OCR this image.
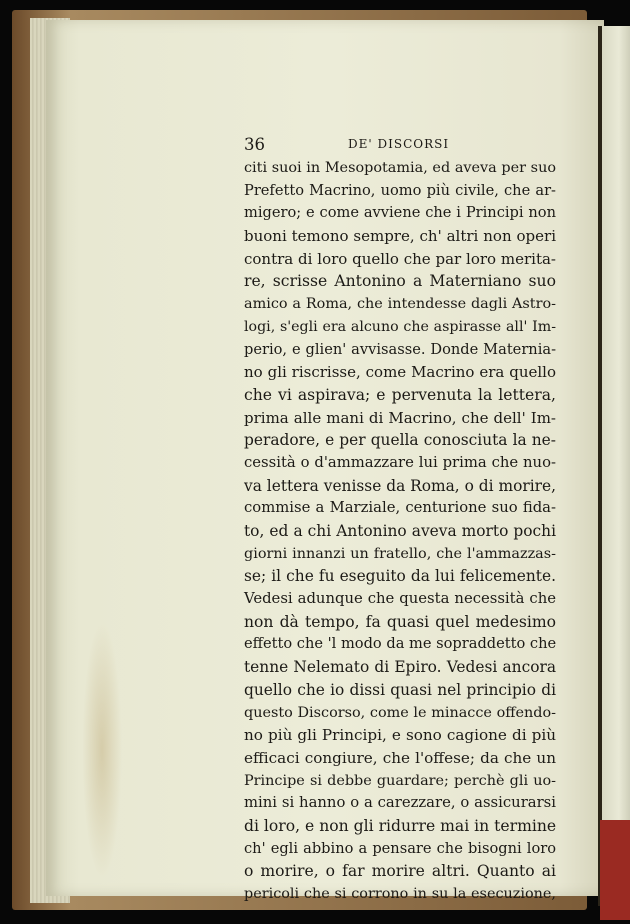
36	DE' DISCORSI
citi suoi in Mesopotamia, ed aveva per suo
Prefetto Macrino, uomo più civile, che ar-
migero; e come avviene che i Principi non
buoni temono sempre, ch' altri non operi
contra di loro quello che par loro merita-
re, scrisse Antonino a Materniano suo
amico a Roma, che intendesse dagli Astro-
logi, s'egli era alcuno che aspirasse all' Im-
perio, e glien' avvisasse. Donde Materniа-
no gli riscrisse, come Macrino era quello
che vi aspirava; e pervenuta la lettera,
prima alle mani di Macrino, che dell' Im-
peradore, e per quella conosciuta la ne-
cessità o d'ammazzare lui prima che nuo-
va lettera venisse da Roma, o di morire,
commise a Marziale, centurione suo fida-
to, ed a chi Antonino aveva morto pochi
giorni innanzi un fratello, che l'ammazzas-
se; il che fu eseguito da lui felicemente.
Vedesi adunque che questa necessità che
non dà tempo, fa quasi quel medesimo
effetto che 'l modo da me sopraddetto che
tenne Nelemato di Epiro. Vedesi ancora
quello che io dissi quasi nel principio di
questo Discorso, come le minacce offendo-
no più gli Principi, e sono cagione di più
efficaci congiure, che l'offese; da che un
Principe si debbe guardare; perchè gli uo-
mini si hanno o a carezzare, o assicurarsi
di loro, e non gli ridurre mai in termine
ch' egli abbino a pensare che bisogni loro
o morire, o far morire altri. Quanto ai
pericoli che si corrono in su la esecuzione,
